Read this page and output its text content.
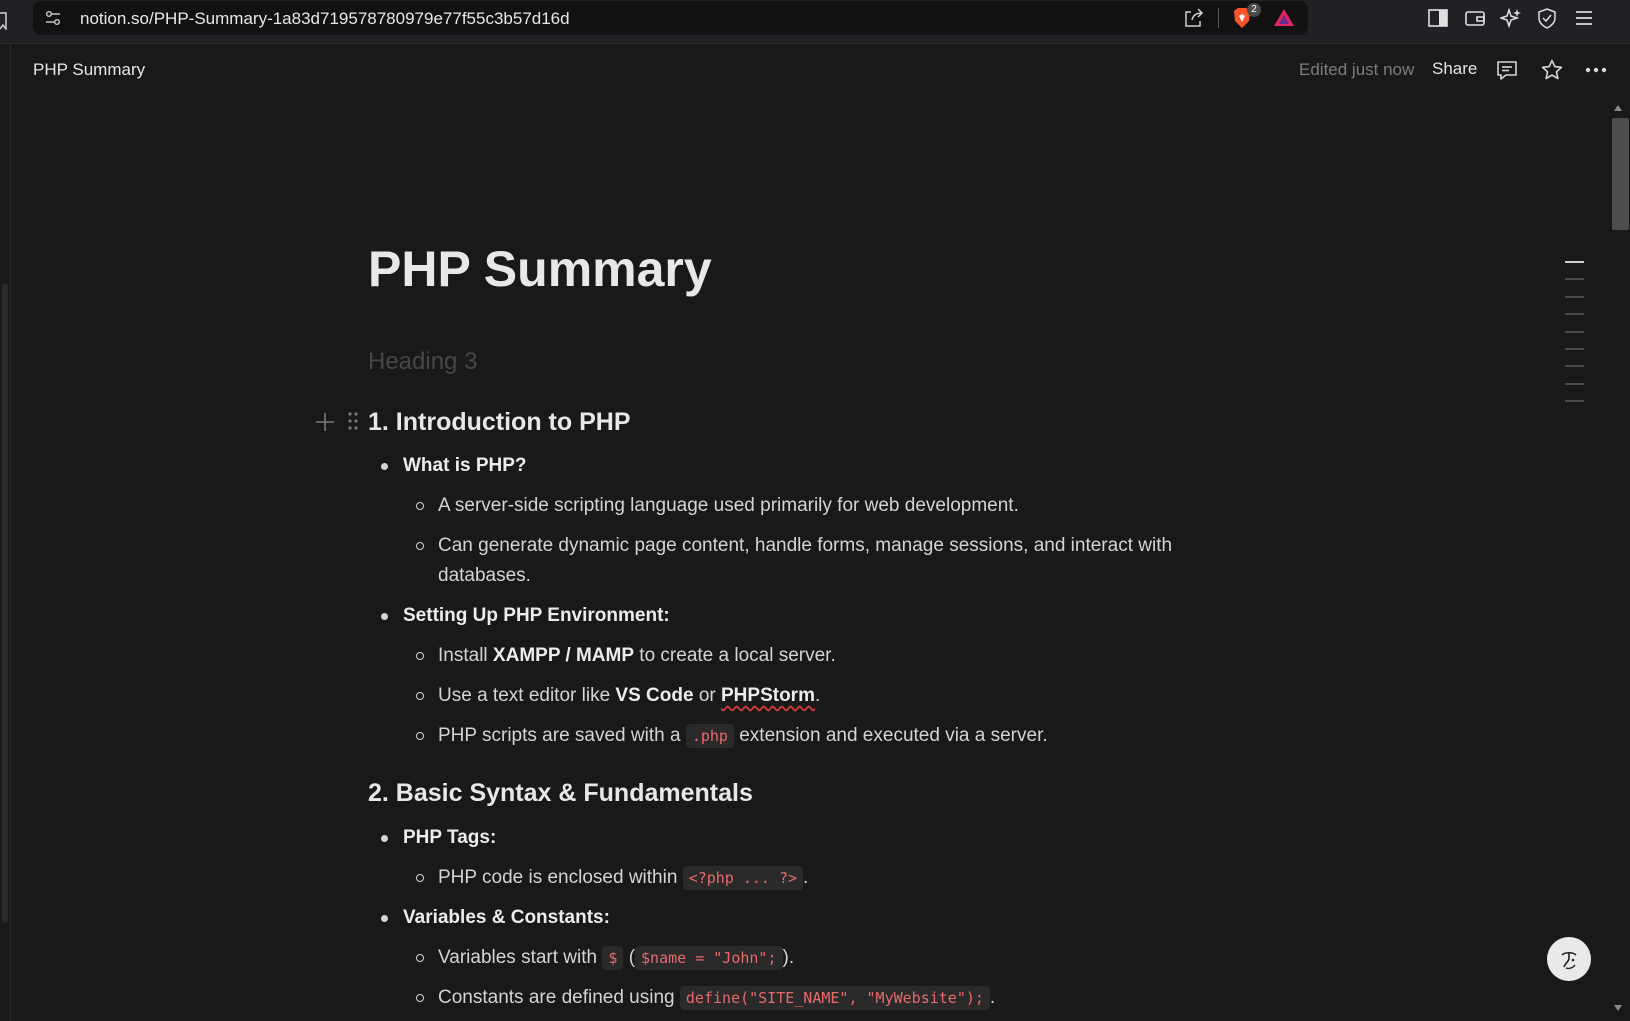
notion.so/PHP-Summary-1a83d719578780979e77f55c3b57d16d	2
PHP Summary	Edited just now Share
PHP Summary
Heading 3
1. Introduction to PHP
What is PHP?
A server-side scripting language used primarily for web development.
Can generate dynamic page content, handle forms, manage sessions, and interact with databases.
Setting Up PHP Environment:
Install XAMPP / MAMP to create a local server.
Use a text editor like VS Code or PHPStorm.
PHP scripts are saved with a .php extension and executed via a server.
2. Basic Syntax & Fundamentals
PHP Tags:
PHP code is enclosed within <?php ... ?> .
Variables & Constants:
Variables start with $ ( $name = "John"; ).
Constants are defined using define("SITE_NAME", "MyWebsite"); .
